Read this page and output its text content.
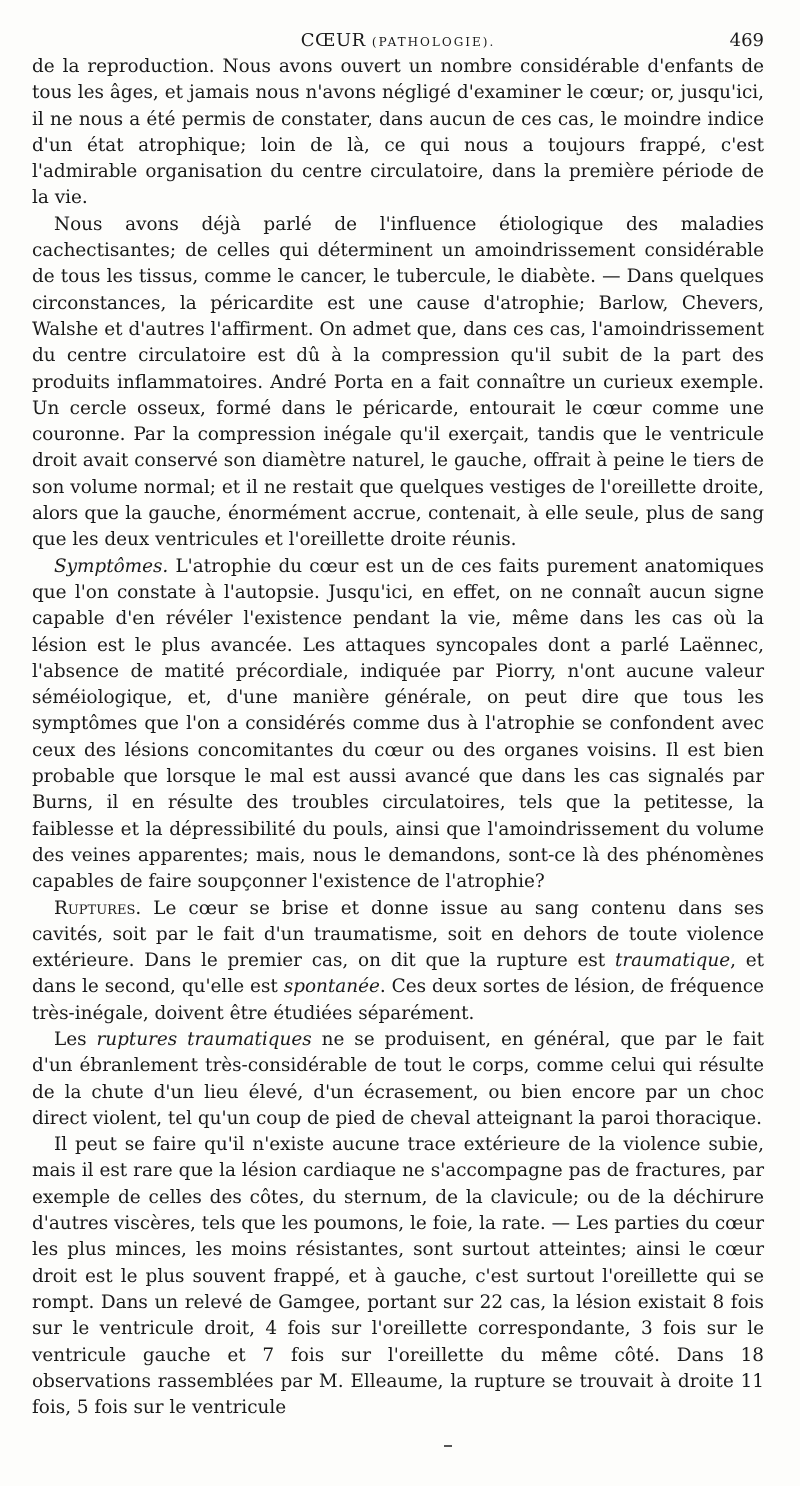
CŒUR (PATHOLOGIE).	469

de la reproduction. Nous avons ouvert un nombre considérable d'enfants de tous les âges, et jamais nous n'avons négligé d'examiner le cœur; or, jusqu'ici, il ne nous a été permis de constater, dans aucun de ces cas, le moindre indice d'un état atrophique; loin de là, ce qui nous a toujours frappé, c'est l'admirable organisation du centre circulatoire, dans la première période de la vie.

Nous avons déjà parlé de l'influence étiologique des maladies cachectisantes; de celles qui déterminent un amoindrissement considérable de tous les tissus, comme le cancer, le tubercule, le diabète. — Dans quelques circonstances, la péricardite est une cause d'atrophie; Barlow, Chevers, Walshe et d'autres l'affirment. On admet que, dans ces cas, l'amoindrissement du centre circulatoire est dû à la compression qu'il subit de la part des produits inflammatoires. André Porta en a fait connaître un curieux exemple. Un cercle osseux, formé dans le péricarde, entourait le cœur comme une couronne. Par la compression inégale qu'il exerçait, tandis que le ventricule droit avait conservé son diamètre naturel, le gauche, offrait à peine le tiers de son volume normal; et il ne restait que quelques vestiges de l'oreillette droite, alors que la gauche, énormément accrue, contenait, à elle seule, plus de sang que les deux ventricules et l'oreillette droite réunis.

Symptômes. L'atrophie du cœur est un de ces faits purement anatomiques que l'on constate à l'autopsie. Jusqu'ici, en effet, on ne connaît aucun signe capable d'en révéler l'existence pendant la vie, même dans les cas où la lésion est le plus avancée. Les attaques syncopales dont a parlé Laënnec, l'absence de matité précordiale, indiquée par Piorry, n'ont aucune valeur séméiologique, et, d'une manière générale, on peut dire que tous les symptômes que l'on a considérés comme dus à l'atrophie se confondent avec ceux des lésions concomitantes du cœur ou des organes voisins. Il est bien probable que lorsque le mal est aussi avancé que dans les cas signalés par Burns, il en résulte des troubles circulatoires, tels que la petitesse, la faiblesse et la dépressibilité du pouls, ainsi que l'amoindrissement du volume des veines apparentes; mais, nous le demandons, sont-ce là des phénomènes capables de faire soupçonner l'existence de l'atrophie?

Ruptures. Le cœur se brise et donne issue au sang contenu dans ses cavités, soit par le fait d'un traumatisme, soit en dehors de toute violence extérieure. Dans le premier cas, on dit que la rupture est traumatique, et dans le second, qu'elle est spontanée. Ces deux sortes de lésion, de fréquence très-inégale, doivent être étudiées séparément.

Les ruptures traumatiques ne se produisent, en général, que par le fait d'un ébranlement très-considérable de tout le corps, comme celui qui résulte de la chute d'un lieu élevé, d'un écrasement, ou bien encore par un choc direct violent, tel qu'un coup de pied de cheval atteignant la paroi thoracique.

Il peut se faire qu'il n'existe aucune trace extérieure de la violence subie, mais il est rare que la lésion cardiaque ne s'accompagne pas de fractures, par exemple de celles des côtes, du sternum, de la clavicule; ou de la déchirure d'autres viscères, tels que les poumons, le foie, la rate. — Les parties du cœur les plus minces, les moins résistantes, sont surtout atteintes; ainsi le cœur droit est le plus souvent frappé, et à gauche, c'est surtout l'oreillette qui se rompt. Dans un relevé de Gamgee, portant sur 22 cas, la lésion existait 8 fois sur le ventricule droit, 4 fois sur l'oreillette correspondante, 3 fois sur le ventricule gauche et 7 fois sur l'oreillette du même côté. Dans 18 observations rassemblées par M. Elleaume, la rupture se trouvait à droite 11 fois, 5 fois sur le ventricule
